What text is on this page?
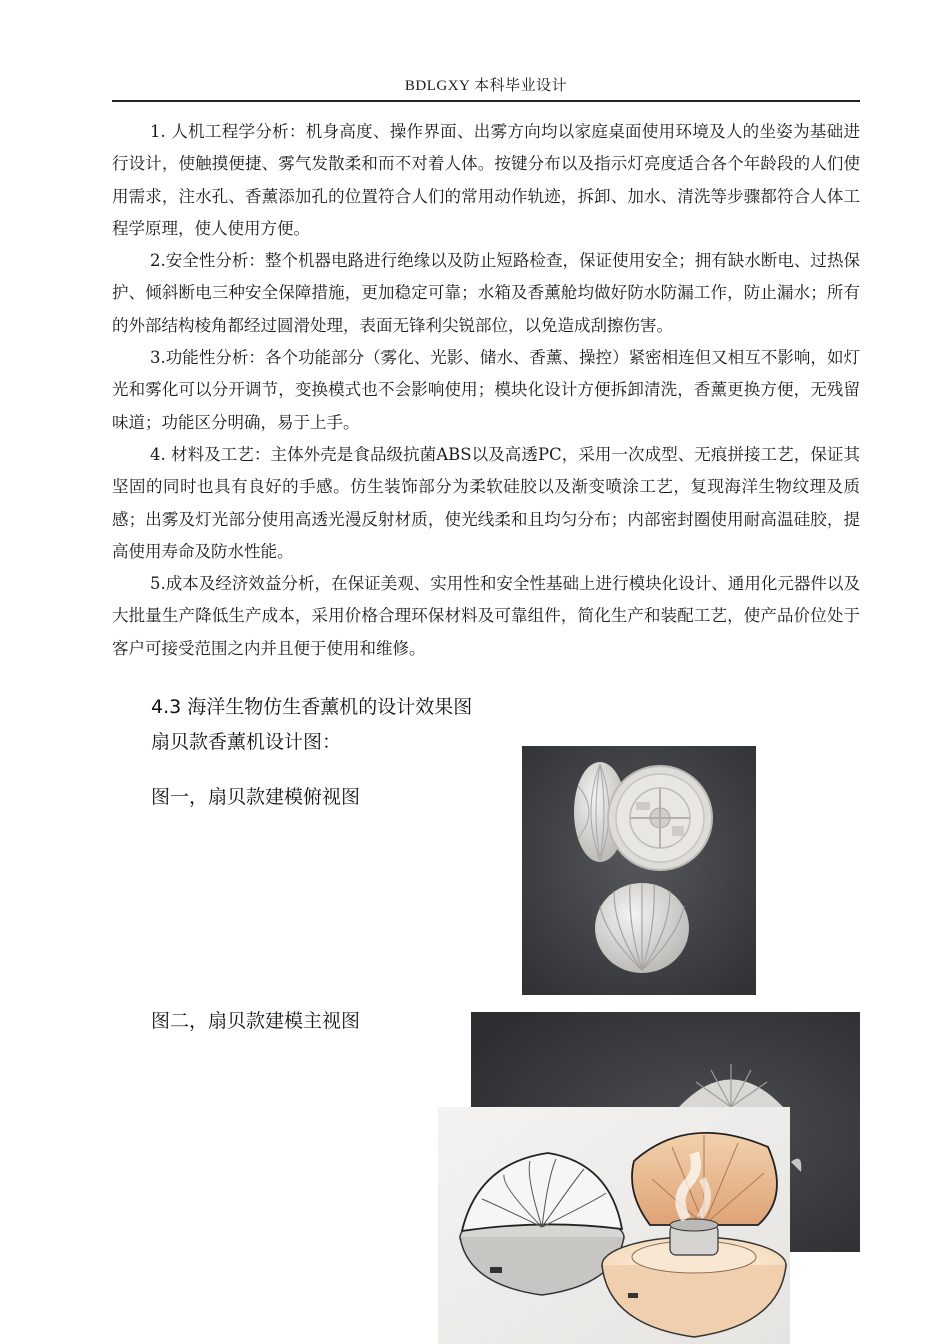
BDLGXY 本科毕业设计

1. 人机工程学分析：机身高度、操作界面、出雾方向均以家庭桌面使用环境及人的坐姿为基础进行设计，使触摸便捷、雾气发散柔和而不对着人体。按键分布以及指示灯亮度适合各个年龄段的人们使用需求，注水孔、香薰添加孔的位置符合人们的常用动作轨迹，拆卸、加水、清洗等步骤都符合人体工程学原理，使人使用方便。

2.安全性分析：整个机器电路进行绝缘以及防止短路检查，保证使用安全；拥有缺水断电、过热保护、倾斜断电三种安全保障措施，更加稳定可靠；水箱及香薰舱均做好防水防漏工作，防止漏水；所有的外部结构棱角都经过圆滑处理，表面无锋利尖锐部位，以免造成刮擦伤害。

3.功能性分析：各个功能部分（雾化、光影、储水、香薰、操控）紧密相连但又相互不影响，如灯光和雾化可以分开调节，变换模式也不会影响使用；模块化设计方便拆卸清洗，香薰更换方便，无残留味道；功能区分明确，易于上手。

4. 材料及工艺：主体外壳是食品级抗菌ABS以及高透PC，采用一次成型、无痕拼接工艺，保证其坚固的同时也具有良好的手感。仿生装饰部分为柔软硅胶以及渐变喷涂工艺，复现海洋生物纹理及质感；出雾及灯光部分使用高透光漫反射材质，使光线柔和且均匀分布；内部密封圈使用耐高温硅胶，提高使用寿命及防水性能。

5.成本及经济效益分析，在保证美观、实用性和安全性基础上进行模块化设计、通用化元器件以及大批量生产降低生产成本，采用价格合理环保材料及可靠组件，简化生产和装配工艺，使产品价位处于客户可接受范围之内并且便于使用和维修。

4.3 海洋生物仿生香薰机的设计效果图
扇贝款香薰机设计图：

图一，扇贝款建模俯视图

图二，扇贝款建模主视图
